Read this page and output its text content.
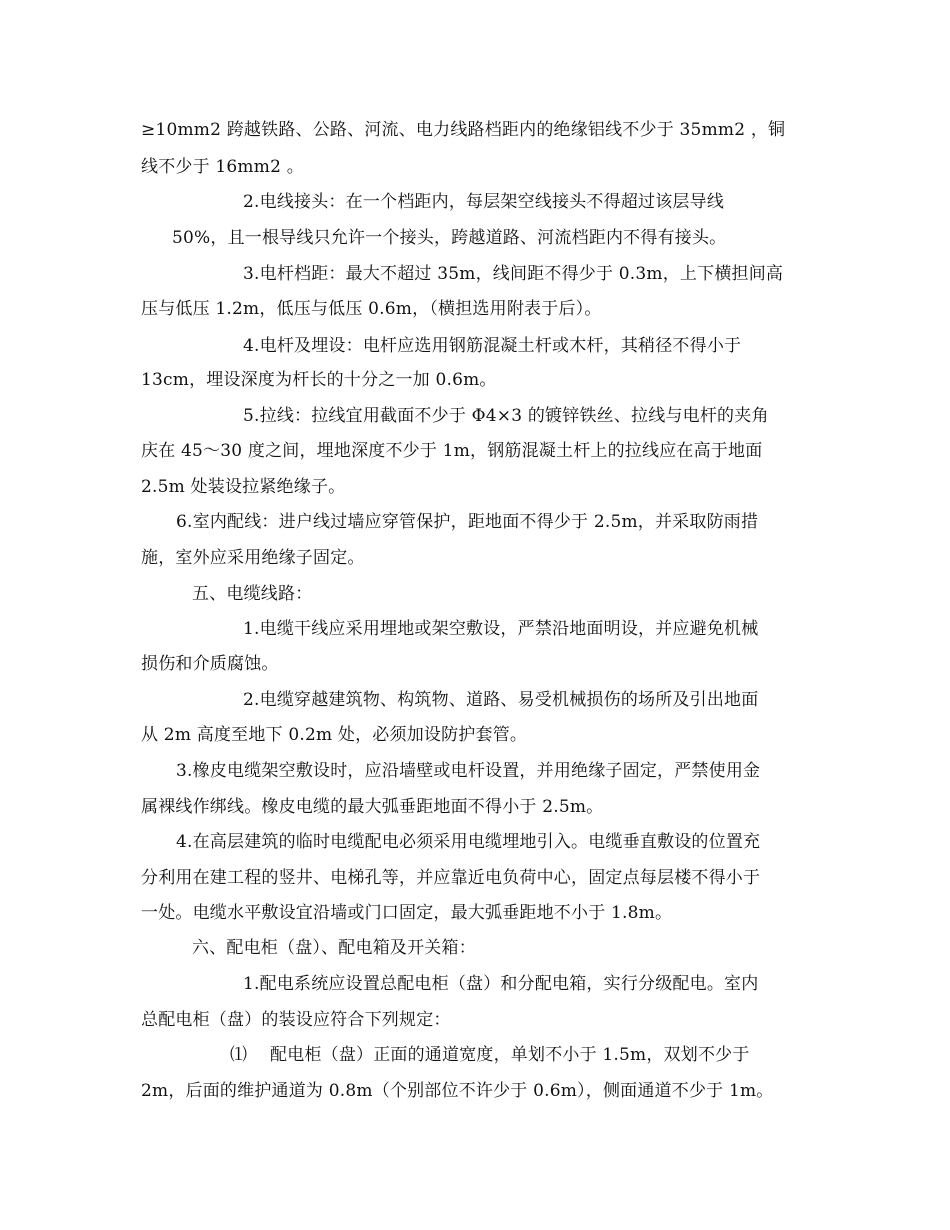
≥10mm2 跨越铁路、公路、河流、电力线路档距内的绝缘铝线不少于 35mm2 ，铜
线不少于 16mm2 。
2.电线接头：在一个档距内，每层架空线接头不得超过该层导线
50%，且一根导线只允许一个接头，跨越道路、河流档距内不得有接头。
3.电杆档距：最大不超过 35m，线间距不得少于 0.3m，上下横担间高
压与低压 1.2m，低压与低压 0.6m，（横担选用附表于后）。
4.电杆及埋设：电杆应选用钢筋混凝土杆或木杆，其稍径不得小于
13cm，埋设深度为杆长的十分之一加 0.6m。
5.拉线：拉线宜用截面不少于 Φ4×3 的镀锌铁丝、拉线与电杆的夹角
庆在 45～30 度之间，埋地深度不少于 1m，钢筋混凝土杆上的拉线应在高于地面
2.5m 处装设拉紧绝缘子。
6.室内配线：进户线过墙应穿管保护，距地面不得少于 2.5m，并采取防雨措
施，室外应采用绝缘子固定。
五、电缆线路：
1.电缆干线应采用埋地或架空敷设，严禁沿地面明设，并应避免机械
损伤和介质腐蚀。
2.电缆穿越建筑物、构筑物、道路、易受机械损伤的场所及引出地面
从 2m 高度至地下 0.2m 处，必须加设防护套管。
3.橡皮电缆架空敷设时，应沿墙壁或电杆设置，并用绝缘子固定，严禁使用金
属裸线作绑线。橡皮电缆的最大弧垂距地面不得小于 2.5m。
4.在高层建筑的临时电缆配电必须采用电缆埋地引入。电缆垂直敷设的位置充
分利用在建工程的竖井、电梯孔等，并应靠近电负荷中心，固定点每层楼不得小于
一处。电缆水平敷设宜沿墙或门口固定，最大弧垂距地不小于 1.8m。
六、配电柜（盘）、配电箱及开关箱：
1.配电系统应设置总配电柜（盘）和分配电箱，实行分级配电。室内
总配电柜（盘）的装设应符合下列规定：
⑴　 配电柜（盘）正面的通道宽度，单划不小于 1.5m，双划不少于
2m，后面的维护通道为 0.8m（个别部位不许少于 0.6m），侧面通道不少于 1m。
